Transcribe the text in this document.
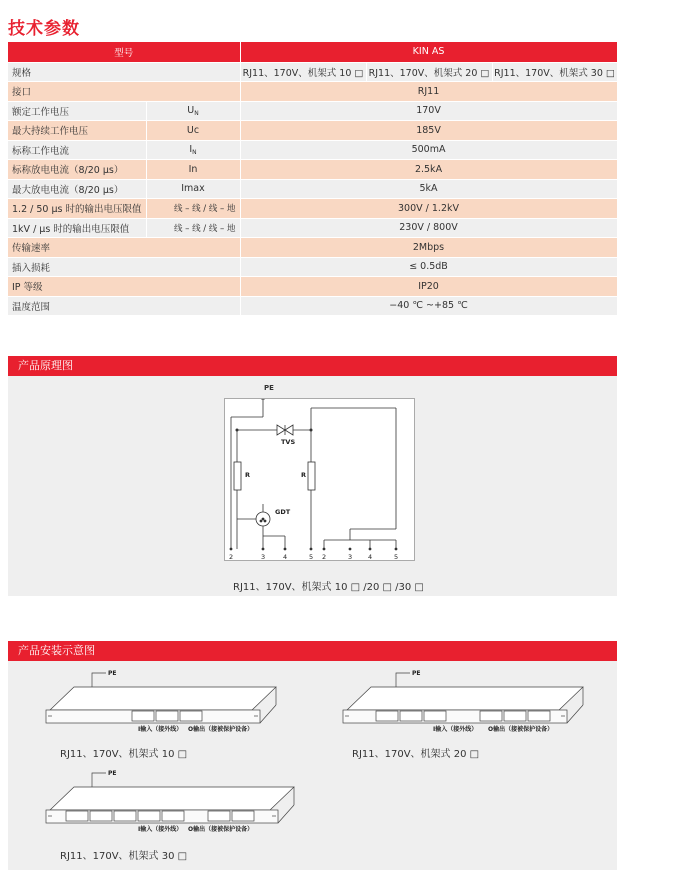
技术参数
型号		KIN AS		
规格		RJ11、170V、机架式 10 □	RJ11、170V、机架式 20 □	RJ11、170V、机架式 30 □
接口		RJ11		
额定工作电压	$U_N$	170V		
最大持续工作电压	Uc	185V		
标称工作电流	$I_N$	500mA		
标称放电电流（8/20 μs）	In	2.5kA		
最大放电电流（8/20 μs）	Imax	5kA		
1.2 / 50 μs 时的输出电压限值	线 – 线 / 线 – 地	300V / 1.2kV		
1kV / μs 时的输出电压限值	线 – 线 / 线 – 地	230V / 800V		
传输速率		2Mbps		
插入损耗		≤ 0.5dB		
IP 等级		IP20		
温度范围		−40 ℃ ~+85 ℃		
产品原理图
TVS
GDT
R	R
2	3	4	5 2	3 4	5
PE
RJ11、170V、机架式 10 □ /20 □ /30 □
产品安装示意图
PE	PE
PE
I输入（接外线） O输出（接被保护设备）	I输入（接外线） O输出（接被保护设备）
I输入（接外线） O输出（接被保护设备）
RJ11、170V、机架式 10 □	RJ11、170V、机架式 20 □
RJ11、170V、机架式 30 □
